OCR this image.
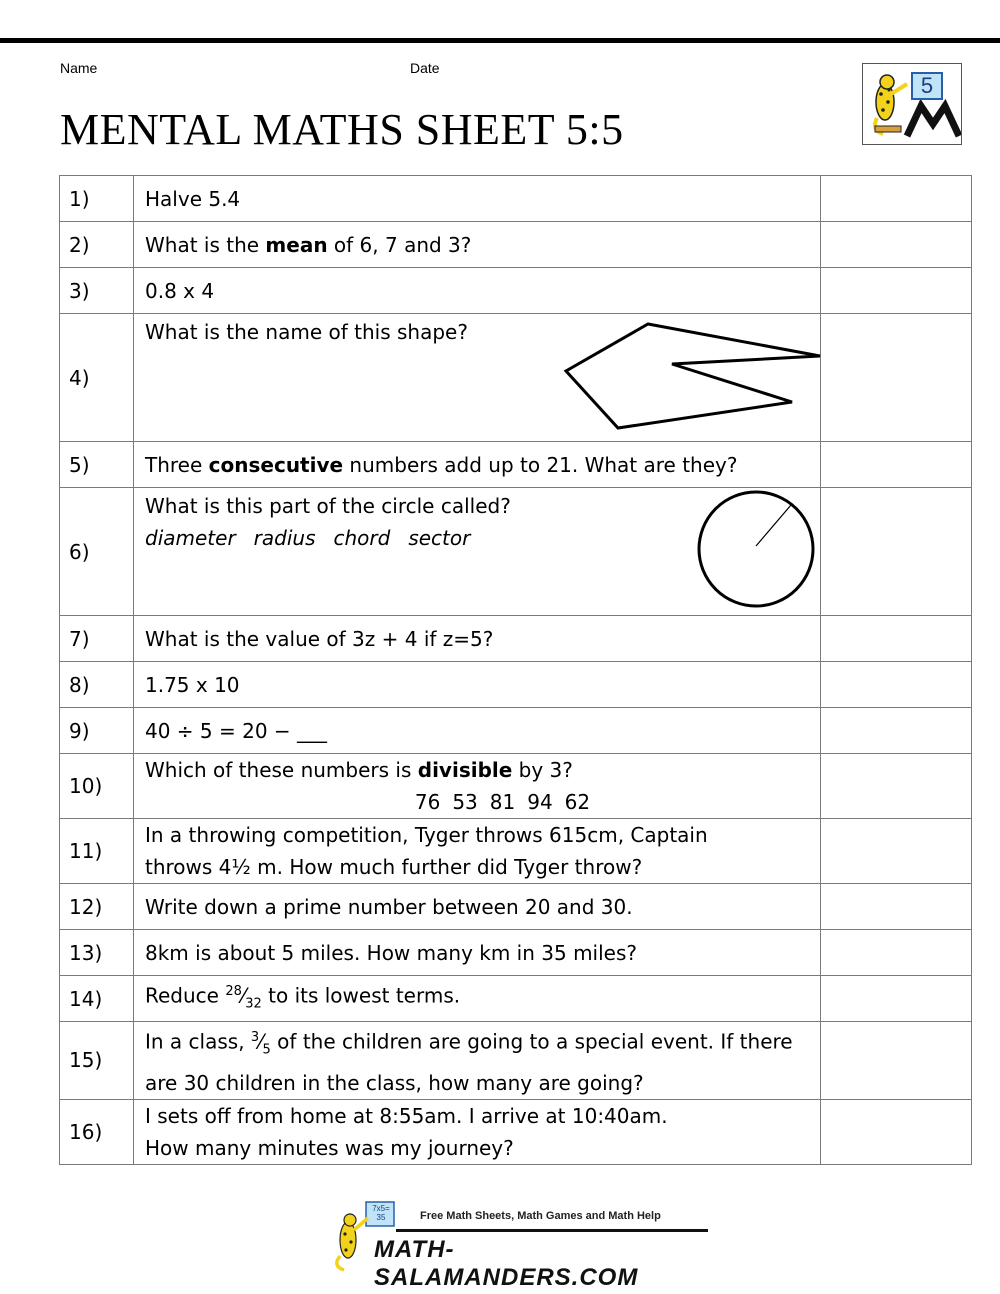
Name	Date
MENTAL MATHS SHEET 5:5
5
1)	Halve 5.4	
2)	What is the mean of 6, 7 and 3?	
3)	0.8 x 4	
4)	What is the name of this shape?	

5)	Three consecutive numbers add up to 21. What are they?	
6)	What is this part of the circle called?
diameter radius chord sector	

7)	What is the value of 3z + 4 if z=5?	
8)	1.75 x 10	
9)	40 ÷ 5 = 20 − ___	
10)	Which of these numbers is divisible by 3?
76 53 81 94 62	

11)	In a throwing competition, Tyger throws 615cm, Captain
throws 4½ m. How much further did Tyger throw?	

12)	Write down a prime number between 20 and 30.	
13)	8km is about 5 miles. How many km in 35 miles?	
14)	Reduce $^{28}⁄_{32}$ to its lowest terms.	
15)	In a class, $^3⁄_5$ of the children are going to a special event. If there
are 30 children in the class, how many are going?	

16)	I sets off from home at 8:55am. I arrive at 10:40am.
How many minutes was my journey?	

7x5= 35	Free Math Sheets, Math Games and Math Help
MATH-SALAMANDERS.COM
